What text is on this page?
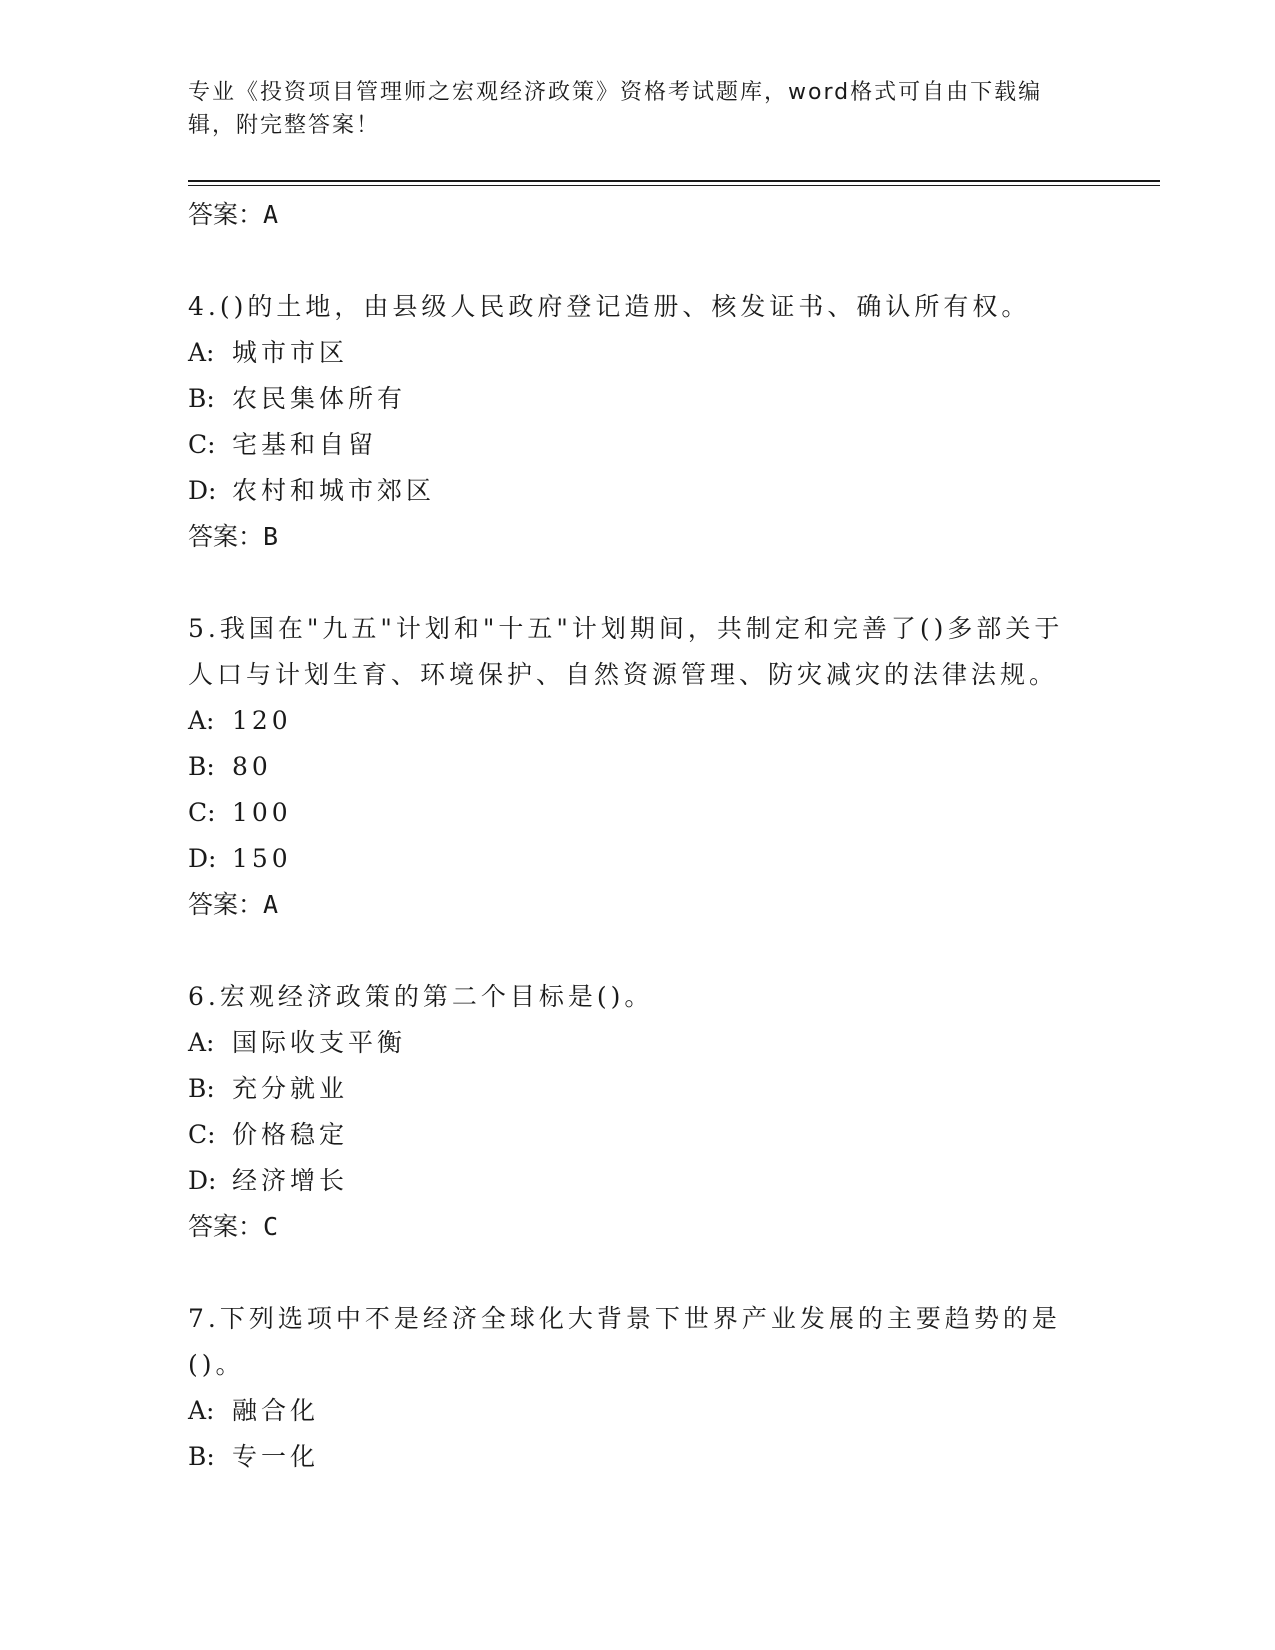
专业《投资项目管理师之宏观经济政策》资格考试题库，word格式可自由下载编
辑，附完整答案！
答案：A
4.()的土地，由县级人民政府登记造册、核发证书、确认所有权。
A: 城市市区
B: 农民集体所有
C: 宅基和自留
D: 农村和城市郊区
答案：B
5.我国在"九五"计划和"十五"计划期间，共制定和完善了()多部关于人口与计划生育、环境保护、自然资源管理、防灾减灾的法律法规。
A: 120
B: 80
C: 100
D: 150
答案：A
6.宏观经济政策的第二个目标是()。
A: 国际收支平衡
B: 充分就业
C: 价格稳定
D: 经济增长
答案：C
7.下列选项中不是经济全球化大背景下世界产业发展的主要趋势的是()。
A: 融合化
B: 专一化
